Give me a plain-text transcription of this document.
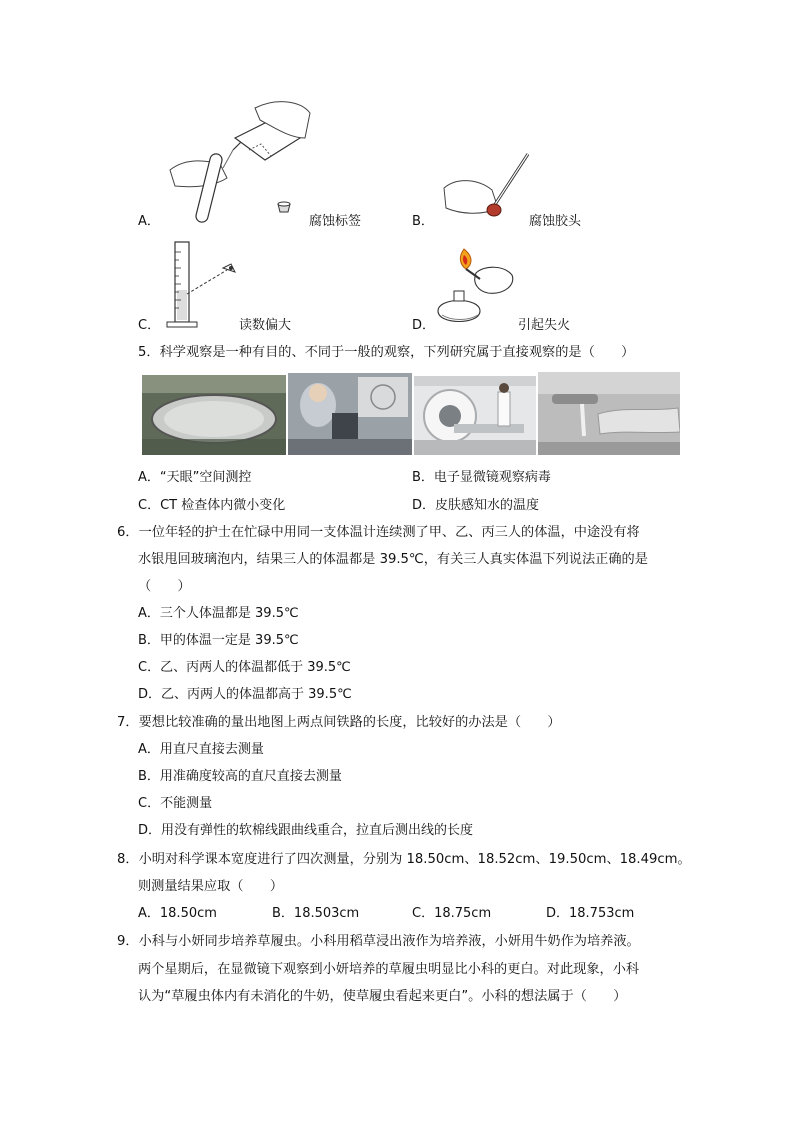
A．	腐蚀标签	B．	腐蚀胶头
C．	读数偏大	D．	引起失火
5．科学观察是一种有目的、不同于一般的观察，下列研究属于直接观察的是（　　）
A．“天眼”空间测控	B．电子显微镜观察病毒
C．CT 检查体内微小变化	D．皮肤感知水的温度
6．一位年轻的护士在忙碌中用同一支体温计连续测了甲、乙、丙三人的体温，中途没有将
水银甩回玻璃泡内，结果三人的体温都是 39.5℃，有关三人真实体温下列说法正确的是
（　　）
A．三个人体温都是 39.5℃
B．甲的体温一定是 39.5℃
C．乙、丙两人的体温都低于 39.5℃
D．乙、丙两人的体温都高于 39.5℃
7．要想比较准确的量出地图上两点间铁路的长度，比较好的办法是（　　）
A．用直尺直接去测量
B．用准确度较高的直尺直接去测量
C．不能测量
D．用没有弹性的软棉线跟曲线重合，拉直后测出线的长度
8．小明对科学课本宽度进行了四次测量，分别为 18.50cm、18.52cm、19.50cm、18.49cm。
则测量结果应取（　　）
A．18.50cm	B．18.503cm	C．18.75cm	D．18.753cm
9．小科与小妍同步培养草履虫。小科用稻草浸出液作为培养液，小妍用牛奶作为培养液。
两个星期后，在显微镜下观察到小妍培养的草履虫明显比小科的更白。对此现象，小科
认为“草履虫体内有未消化的牛奶，使草履虫看起来更白”。小科的想法属于（　　）
